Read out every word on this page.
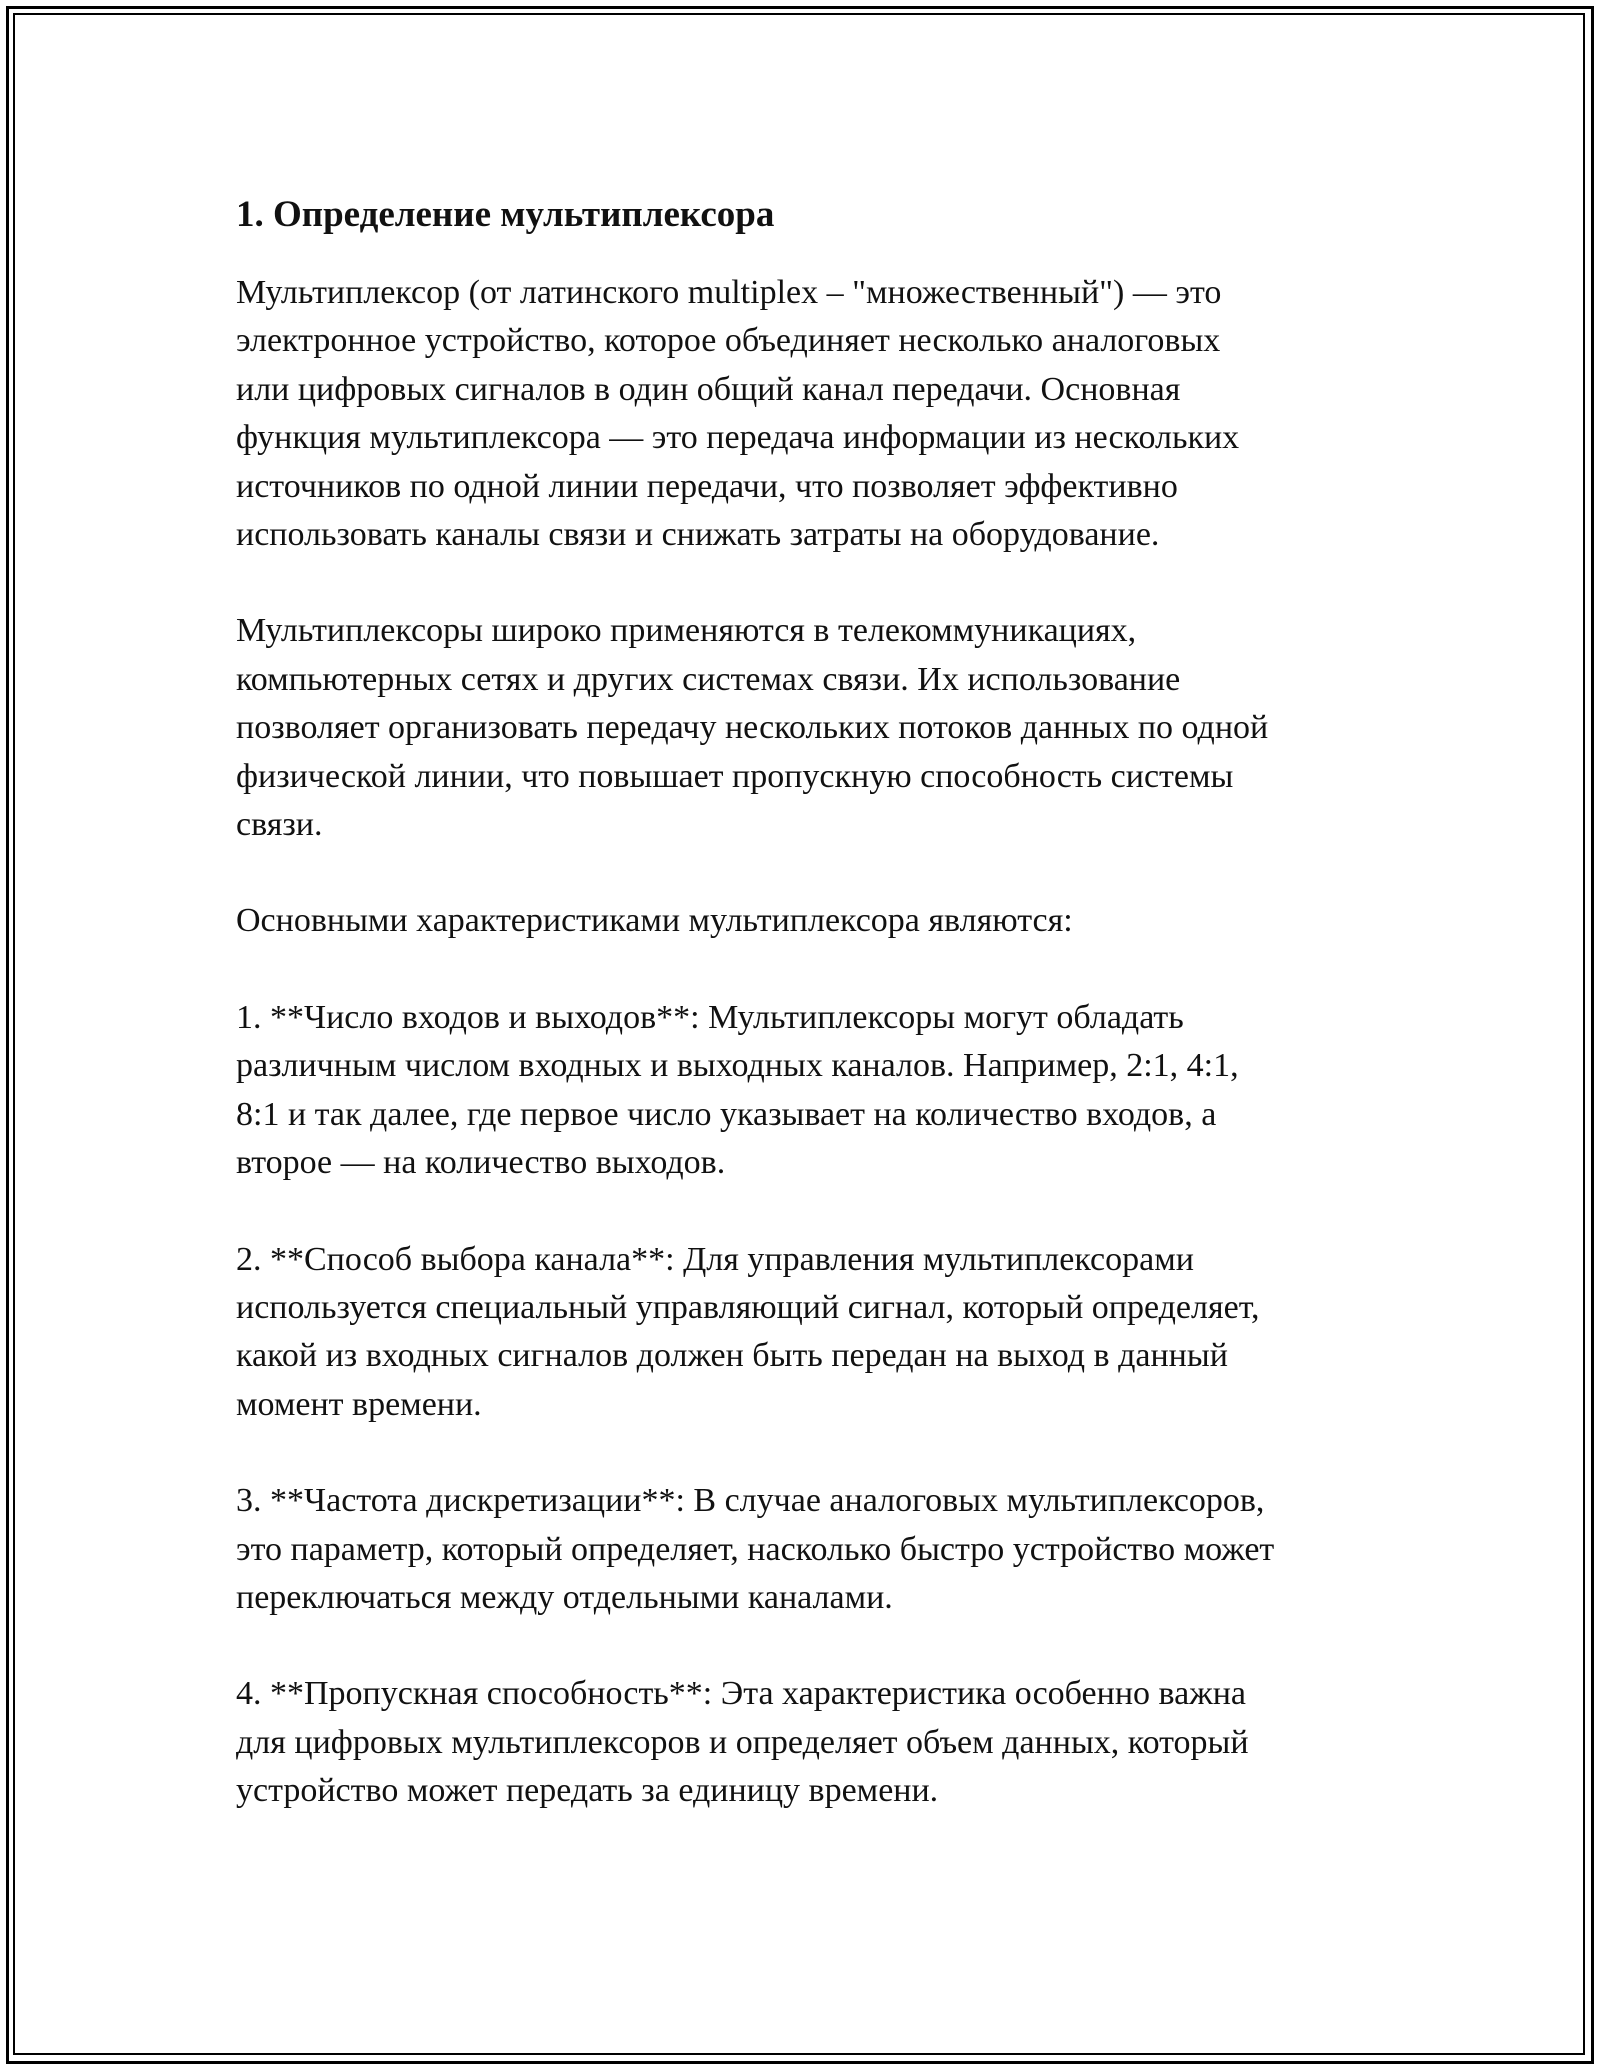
1. Определение мультиплексора

Мультиплексор (от латинского multiplex – "множественный") — это
электронное устройство, которое объединяет несколько аналоговых
или цифровых сигналов в один общий канал передачи. Основная
функция мультиплексора — это передача информации из нескольких
источников по одной линии передачи, что позволяет эффективно
использовать каналы связи и снижать затраты на оборудование.

Мультиплексоры широко применяются в телекоммуникациях,
компьютерных сетях и других системах связи. Их использование
позволяет организовать передачу нескольких потоков данных по одной
физической линии, что повышает пропускную способность системы
связи.

Основными характеристиками мультиплексора являются:

1. **Число входов и выходов**: Мультиплексоры могут обладать
различным числом входных и выходных каналов. Например, 2:1, 4:1,
8:1 и так далее, где первое число указывает на количество входов, а
второе — на количество выходов.

2. **Способ выбора канала**: Для управления мультиплексорами
используется специальный управляющий сигнал, который определяет,
какой из входных сигналов должен быть передан на выход в данный
момент времени.

3. **Частота дискретизации**: В случае аналоговых мультиплексоров,
это параметр, который определяет, насколько быстро устройство может
переключаться между отдельными каналами.

4. **Пропускная способность**: Эта характеристика особенно важна
для цифровых мультиплексоров и определяет объем данных, который
устройство может передать за единицу времени.
